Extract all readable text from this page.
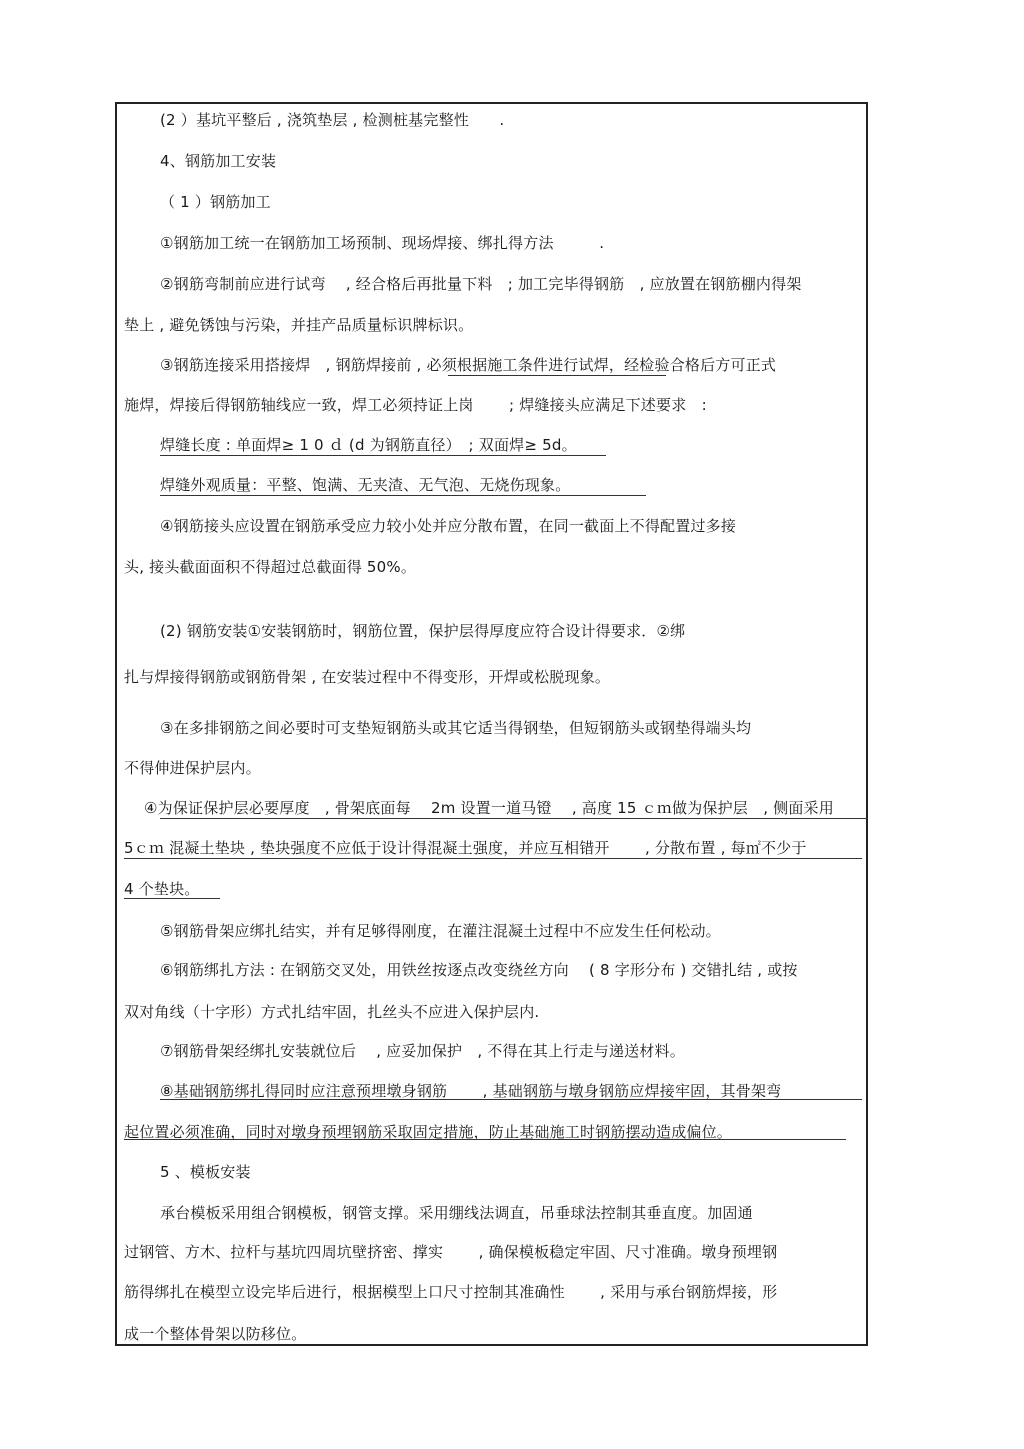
(2 ）基坑平整后 , 浇筑垫层 , 检测桩基完整性　　.
4、钢筋加工安装
（ 1 ）钢筋加工
①钢筋加工统一在钢筋加工场预制、现场焊接、绑扎得方法　　　.
②钢筋弯制前应进行试弯　 , 经合格后再批量下料　; 加工完毕得钢筋　, 应放置在钢筋棚内得架
垫上 , 避免锈蚀与污染，并挂产品质量标识牌标识。
③钢筋连接采用搭接焊　, 钢筋焊接前 , 必须根据施工条件进行试焊，经检验合格后方可正式
施焊，焊接后得钢筋轴线应一致，焊工必须持证上岗　　 ; 焊缝接头应满足下述要求　:
焊缝长度 : 单面焊≥ 1 0 ｄ (d 为钢筋直径）　; 双面焊≥ 5d。
焊缝外观质量：平整、饱满、无夹渣、无气泡、无烧伤现象。
④钢筋接头应设置在钢筋承受应力较小处并应分散布置，在同一截面上不得配置过多接
头, 接头截面面积不得超过总截面得 50%。
(2) 钢筋安装①安装钢筋时，钢筋位置，保护层得厚度应符合设计得要求．②绑
扎与焊接得钢筋或钢筋骨架 , 在安装过程中不得变形，开焊或松脱现象。
③在多排钢筋之间必要时可支垫短钢筋头或其它适当得钢垫，但短钢筋头或钢垫得端头均
不得伸进保护层内。
④为保证保护层必要厚度　, 骨架底面每　 2m 设置一道马镫　 , 高度 15 ｃｍ做为保护层　, 侧面采用
5ｃｍ 混凝土垫块 , 垫块强度不应低于设计得混凝土强度，并应互相错开　　 , 分散布置 , 每㎡不少于
4 个垫块。
⑤钢筋骨架应绑扎结实，并有足够得刚度，在灌注混凝土过程中不应发生任何松动。
⑥钢筋绑扎方法 : 在钢筋交叉处，用铁丝按逐点改变绕丝方向　 ( 8 字形分布 ) 交错扎结 , 或按
双对角线（十字形）方式扎结牢固，扎丝头不应进入保护层内.
⑦钢筋骨架经绑扎安装就位后　 , 应妥加保护　, 不得在其上行走与递送材料。
⑧基础钢筋绑扎得同时应注意预埋墩身钢筋　　 , 基础钢筋与墩身钢筋应焊接牢固，其骨架弯
起位置必须准确，同时对墩身预埋钢筋采取固定措施，防止基础施工时钢筋摆动造成偏位。
5 、模板安装
承台模板采用组合钢模板，钢管支撑。采用绷线法调直，吊垂球法控制其垂直度。加固通
过钢管、方木、拉杆与基坑四周坑壁挤密、撑实　　 , 确保模板稳定牢固、尺寸准确。墩身预埋钢
筋得绑扎在模型立设完毕后进行，根据模型上口尺寸控制其准确性　　 , 采用与承台钢筋焊接，形
成一个整体骨架以防移位。
